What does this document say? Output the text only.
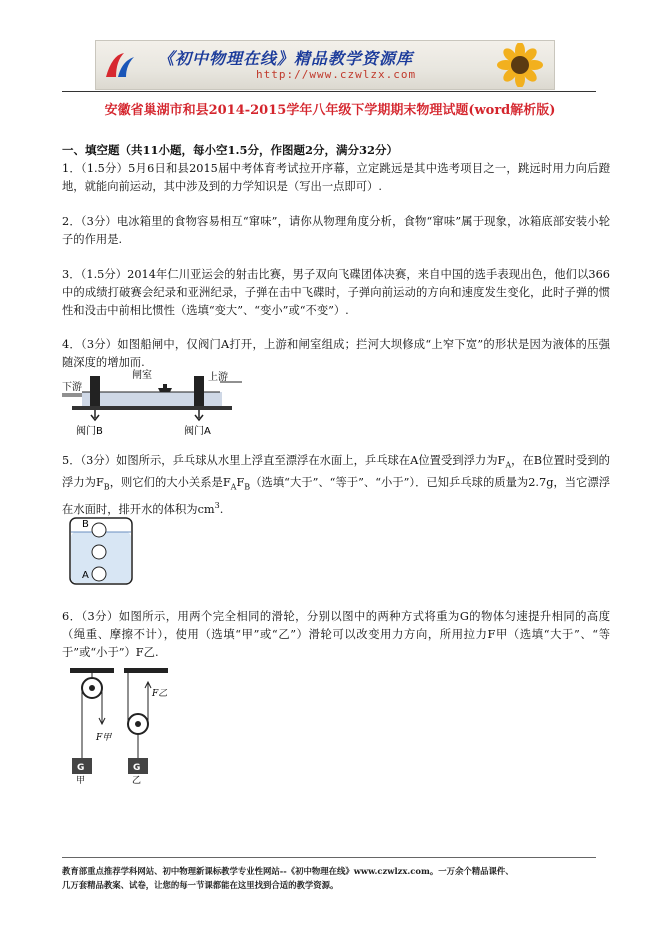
《初中物理在线》精品教学资源库
http://www.czwlzx.com
安徽省巢湖市和县2014-2015学年八年级下学期期末物理试题(word解析版)
一、填空题（共11小题，每小空1.5分，作图题2分，满分32分）

1．（1.5分）5月6日和县2015届中考体育考试拉开序幕，立定跳远是其中选考项目之一，跳远时用力向后蹬地，就能向前运动，其中涉及到的力学知识是（写出一点即可）.

2．（3分）电冰箱里的食物容易相互“窜味”，请你从物理角度分析，食物“窜味”属于现象，冰箱底部安装小轮子的作用是.

3．（1.5分）2014年仁川亚运会的射击比赛，男子双向飞碟团体决赛，来自中国的选手表现出色，他们以366中的成绩打破赛会纪录和亚洲纪录，子弹在击中飞碟时，子弹向前运动的方向和速度发生变化，此时子弹的惯性和没击中前相比惯性（选填“变大”、“变小”或“不变”）.

4．（3分）如图船闸中，仅阀门A打开，上游和闸室组成；拦河大坝修成“上窄下宽”的形状是因为液体的压强随深度的增加而.

下游
闸室	上游
阀门B	阀门A

5．（3分）如图所示，乒乓球从水里上浮直至漂浮在水面上，乒乓球在A位置受到浮力为$F_A$，在B位置时受到的浮力为$F_B$，则它们的大小关系是$F_AF_B$（选填“大于”、“等于”、“小于”）．已知乒乓球的质量为2.7g，当它漂浮在水面时，排开水的体积为$cm^3$.

B
A

6．（3分）如图所示，用两个完全相同的滑轮，分别以图中的两种方式将重为G的物体匀速提升相同的高度（绳重、摩擦不计），使用（选填“甲”或“乙”）滑轮可以改变用力方向，所用拉力F甲（选填“大于”、“等于”或“小于”）F乙.

G
F甲
G
F乙
甲	乙
教育部重点推荐学科网站、初中物理新课标教学专业性网站--《初中物理在线》www.czwlzx.com。一万余个精品课件、
几万套精品教案、试卷，让您的每一节课都能在这里找到合适的教学资源。
